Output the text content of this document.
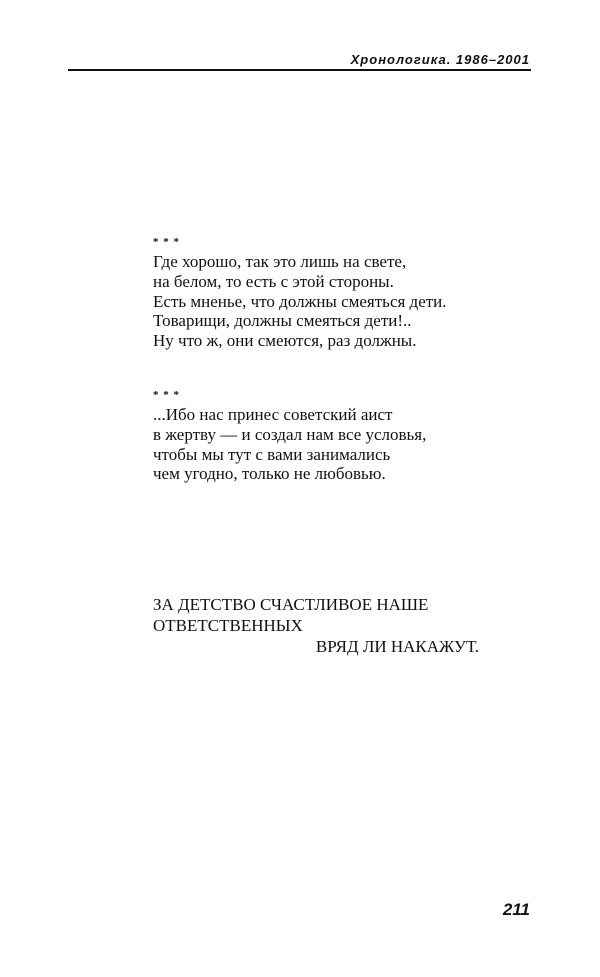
Хронологика. 1986–2001
* * *
Где хорошо, так это лишь на свете,
на белом, то есть с этой стороны.
Есть мненье, что должны смеяться дети.
Товарищи, должны смеяться дети!..
Ну что ж, они смеются, раз должны.
* * *
...Ибо нас принес советский аист
в жертву — и создал нам все условья,
чтобы мы тут с вами занимались
чем угодно, только не любовью.
ЗА ДЕТСТВО СЧАСТЛИВОЕ НАШЕ
ОТВЕТСТВЕННЫХ
ВРЯД ЛИ НАКАЖУТ.
211
